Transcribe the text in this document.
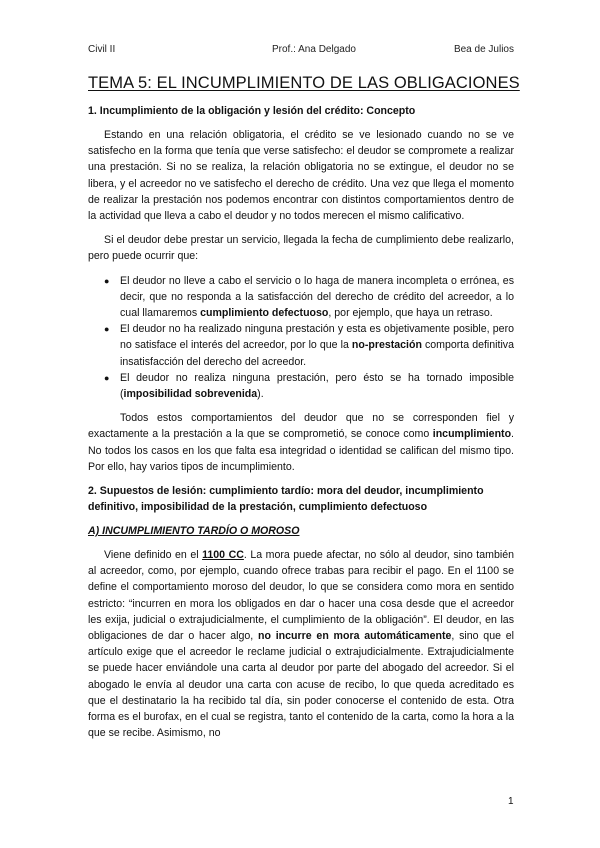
Civil II	Prof.: Ana Delgado	Bea de Julios
TEMA 5: EL INCUMPLIMIENTO DE LAS OBLIGACIONES
1. Incumplimiento de la obligación y lesión del crédito: Concepto

Estando en una relación obligatoria, el crédito se ve lesionado cuando no se ve satisfecho en la forma que tenía que verse satisfecho: el deudor se compromete a realizar una prestación. Si no se realiza, la relación obligatoria no se extingue, el deudor no se libera, y el acreedor no ve satisfecho el derecho de crédito. Una vez que llega el momento de realizar la prestación nos podemos encontrar con distintos comportamientos dentro de la actividad que lleva a cabo el deudor y no todos merecen el mismo calificativo.

Si el deudor debe prestar un servicio, llegada la fecha de cumplimiento debe realizarlo, pero puede ocurrir que:

● El deudor no lleve a cabo el servicio o lo haga de manera incompleta o errónea, es decir, que no responda a la satisfacción del derecho de crédito del acreedor, a lo cual llamaremos cumplimiento defectuoso, por ejemplo, que haya un retraso.
● El deudor no ha realizado ninguna prestación y esta es objetivamente posible, pero no satisface el interés del acreedor, por lo que la no-prestación comporta definitiva insatisfacción del derecho del acreedor.
● El deudor no realiza ninguna prestación, pero ésto se ha tornado imposible (imposibilidad sobrevenida).

Todos estos comportamientos del deudor que no se corresponden fiel y exactamente a la prestación a la que se comprometió, se conoce como incumplimiento. No todos los casos en los que falta esa integridad o identidad se califican del mismo tipo. Por ello, hay varios tipos de incumplimiento.

2. Supuestos de lesión: cumplimiento tardío: mora del deudor, incumplimiento definitivo, imposibilidad de la prestación, cumplimiento defectuoso
A) INCUMPLIMIENTO TARDÍO O MOROSO

Viene definido en el 1100 CC. La mora puede afectar, no sólo al deudor, sino también al acreedor, como, por ejemplo, cuando ofrece trabas para recibir el pago. En el 1100 se define el comportamiento moroso del deudor, lo que se considera como mora en sentido estricto: “incurren en mora los obligados en dar o hacer una cosa desde que el acreedor les exija, judicial o extrajudicialmente, el cumplimiento de la obligación”. El deudor, en las obligaciones de dar o hacer algo, no incurre en mora automáticamente, sino que el artículo exige que el acreedor le reclame judicial o extrajudicialmente. Extrajudicialmente se puede hacer enviándole una carta al deudor por parte del abogado del acreedor. Si el abogado le envía al deudor una carta con acuse de recibo, lo que queda acreditado es que el destinatario la ha recibido tal día, sin poder conocerse el contenido de esta. Otra forma es el burofax, en el cual se registra, tanto el contenido de la carta, como la hora a la que se recibe. Asimismo, no

1
